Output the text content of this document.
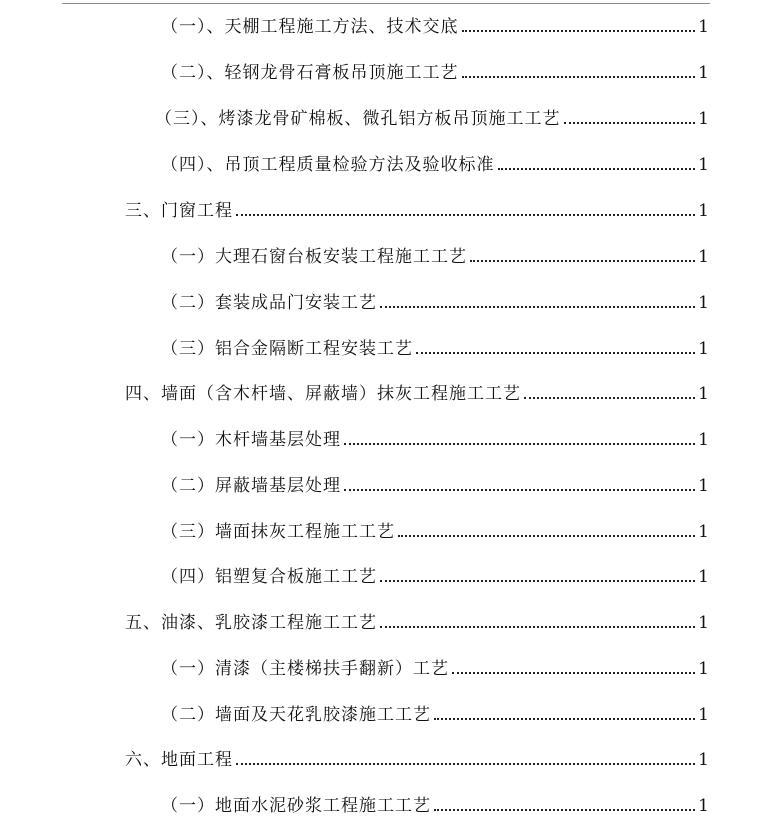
（一）、天棚工程施工方法、技术交底	1
（二）、轻钢龙骨石膏板吊顶施工工艺	1
（三）、烤漆龙骨矿棉板、微孔铝方板吊顶施工工艺	1
（四）、吊顶工程质量检验方法及验收标准	1
三、门窗工程	1
（一）大理石窗台板安装工程施工工艺	1
（二）套装成品门安装工艺	1
（三）铝合金隔断工程安装工艺	1
四、墙面（含木杆墙、屏蔽墙）抹灰工程施工工艺	1
（一）木杆墙基层处理	1
（二）屏蔽墙基层处理	1
（三）墙面抹灰工程施工工艺	1
（四）铝塑复合板施工工艺	1
五、油漆、乳胶漆工程施工工艺	1
（一）清漆（主楼梯扶手翻新）工艺	1
（二）墙面及天花乳胶漆施工工艺	1
六、地面工程	1
（一）地面水泥砂浆工程施工工艺	1
